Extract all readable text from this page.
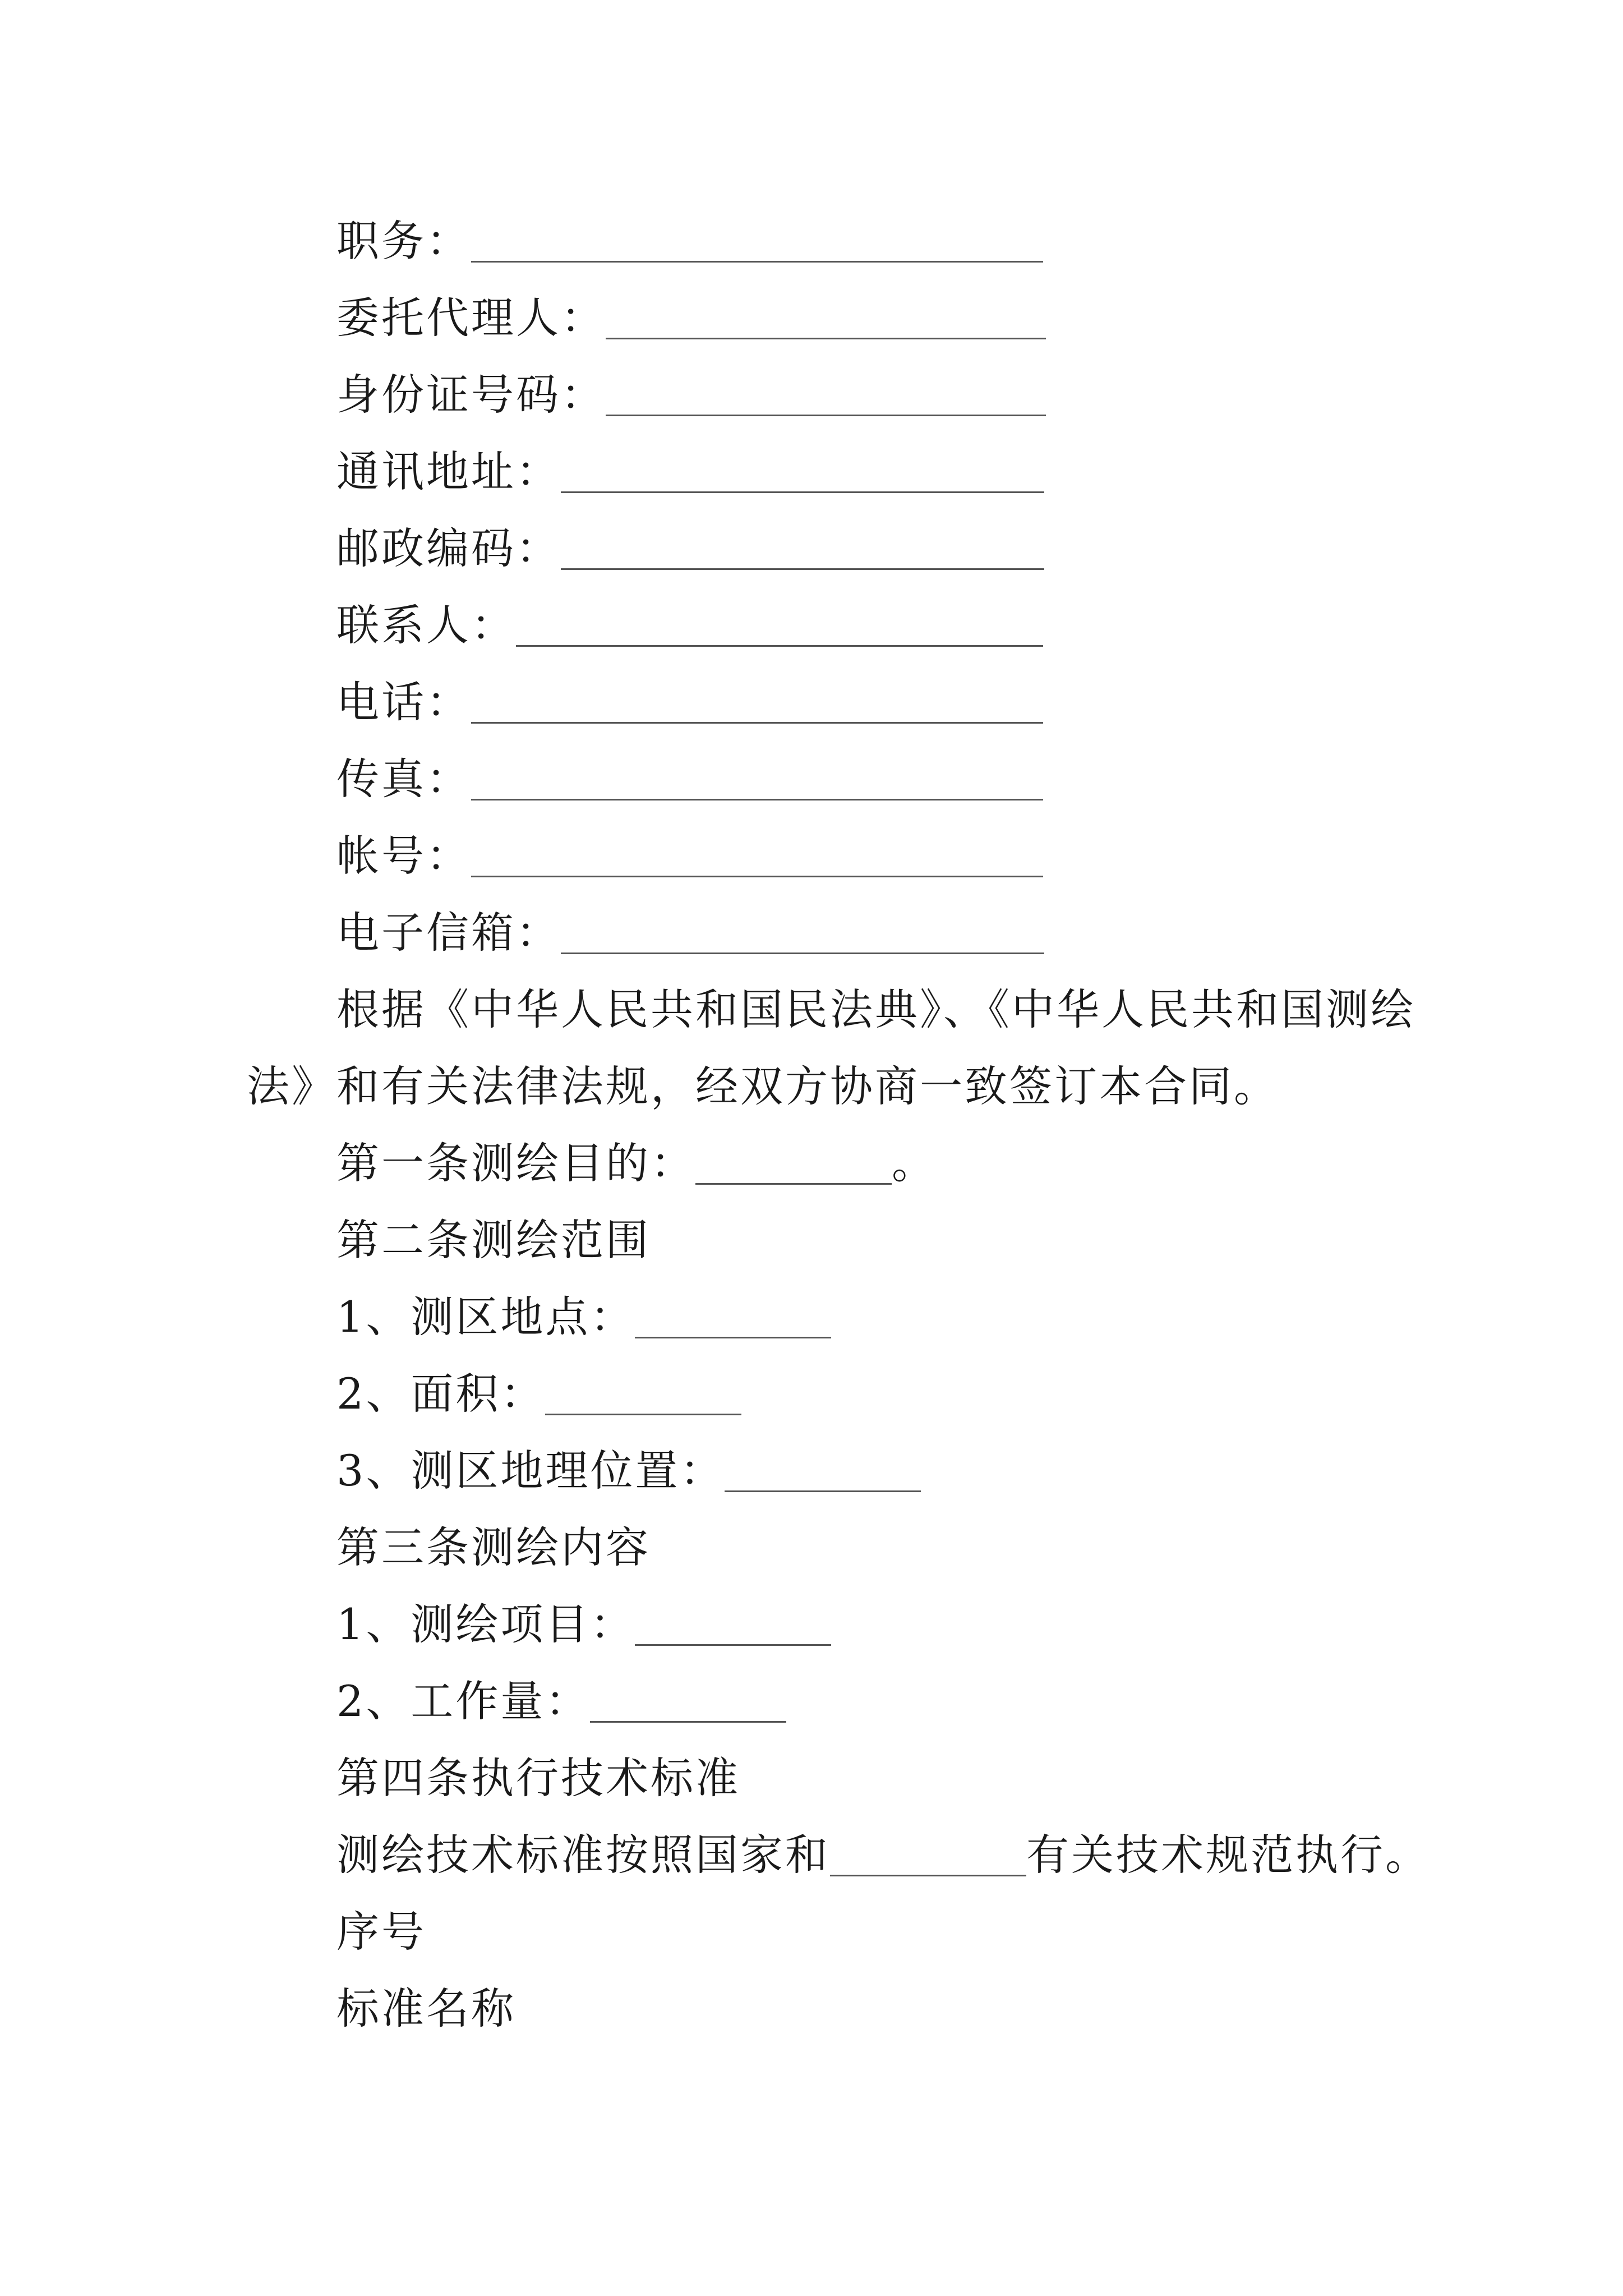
职务：
委托代理人：
身份证号码：
通讯地址：
邮政编码：
联系人：
电话：
传真：
帐号：
电子信箱：
根据《中华人民共和国民法典》、《中华人民共和国测绘
法》和有关法律法规，经双方协商一致签订本合同。
第一条测绘目的：	。
第二条测绘范围
1、测区地点：
2、面积：
3、测区地理位置：
第三条测绘内容
1、测绘项目：
2、工作量：
第四条执行技术标准
测绘技术标准按照国家和	有关技术规范执行。
序号
标准名称
